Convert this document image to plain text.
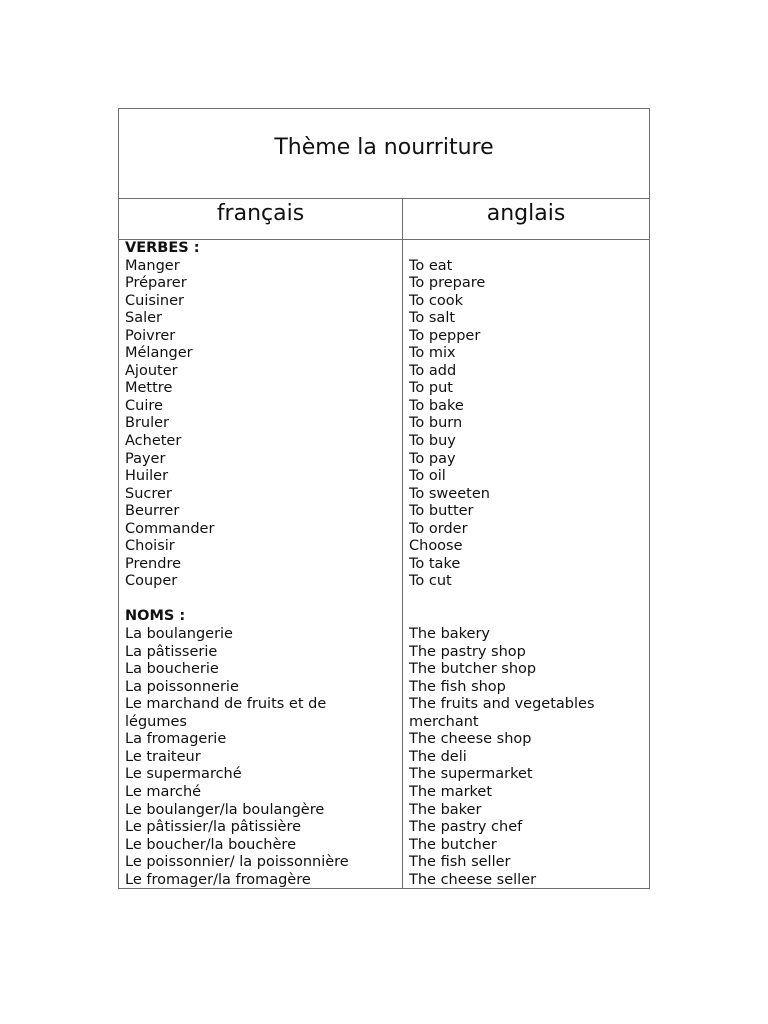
Thème la nourriture
français	anglais
VERBES :
Manger	To eat
Préparer	To prepare
Cuisiner	To cook
Saler	To salt
Poivrer	To pepper
Mélanger	To mix
Ajouter	To add
Mettre	To put
Cuire	To bake
Bruler	To burn
Acheter	To buy
Payer	To pay
Huiler	To oil
Sucrer	To sweeten
Beurrer	To butter
Commander	To order
Choisir	Choose
Prendre	To take
Couper	To cut
NOMS :
La boulangerie	The bakery
La pâtisserie	The pastry shop
La boucherie	The butcher shop
La poissonnerie	The fish shop
Le marchand de fruits et de	The fruits and vegetables
légumes	merchant
La fromagerie	The cheese shop
Le traiteur	The deli
Le supermarché	The supermarket
Le marché	The market
Le boulanger/la boulangère	The baker
Le pâtissier/la pâtissière	The pastry chef
Le boucher/la bouchère	The butcher
Le poissonnier/ la poissonnière	The fish seller
Le fromager/la fromagère	The cheese seller
